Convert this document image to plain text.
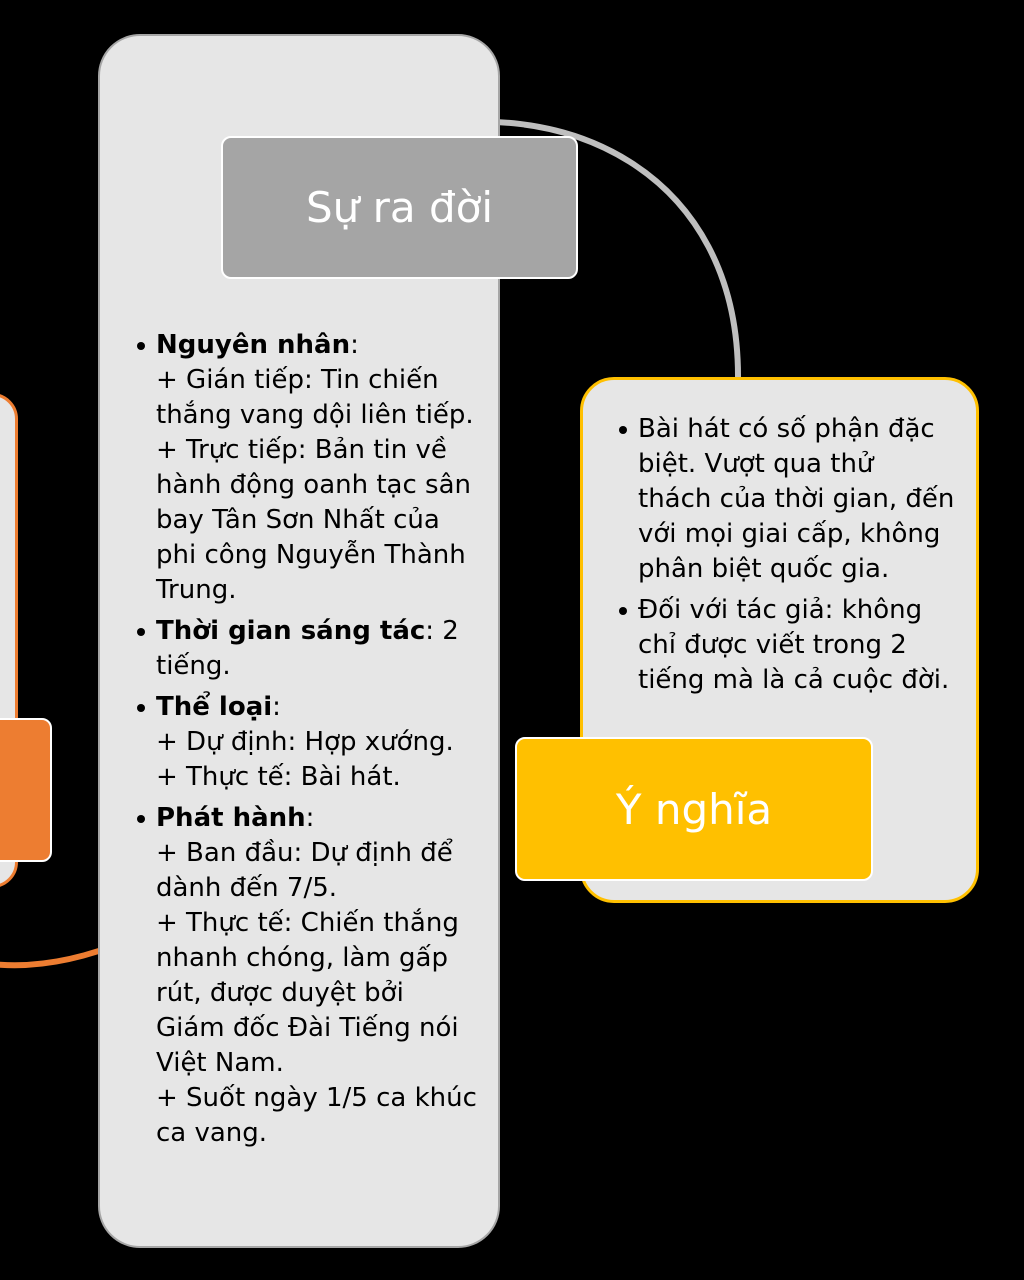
Sự ra đời
Nguyên nhân:
+ Gián tiếp: Tin chiến thắng vang dội liên tiếp.
+ Trực tiếp: Bản tin về hành động oanh tạc sân bay Tân Sơn Nhất của phi công Nguyễn Thành Trung.
Thời gian sáng tác: 2 tiếng.
Thể loại:
+ Dự định: Hợp xướng.
+ Thực tế: Bài hát.
Phát hành:
+ Ban đầu: Dự định để dành đến 7/5.
+ Thực tế: Chiến thắng nhanh chóng, làm gấp rút, được duyệt bởi Giám đốc Đài Tiếng nói Việt Nam.
+ Suốt ngày 1/5 ca khúc ca vang.
Bài hát có số phận đặc biệt. Vượt qua thử thách của thời gian, đến với mọi giai cấp, không phân biệt quốc gia.
Đối với tác giả: không chỉ được viết trong 2 tiếng mà là cả cuộc đời.
Ý nghĩa
